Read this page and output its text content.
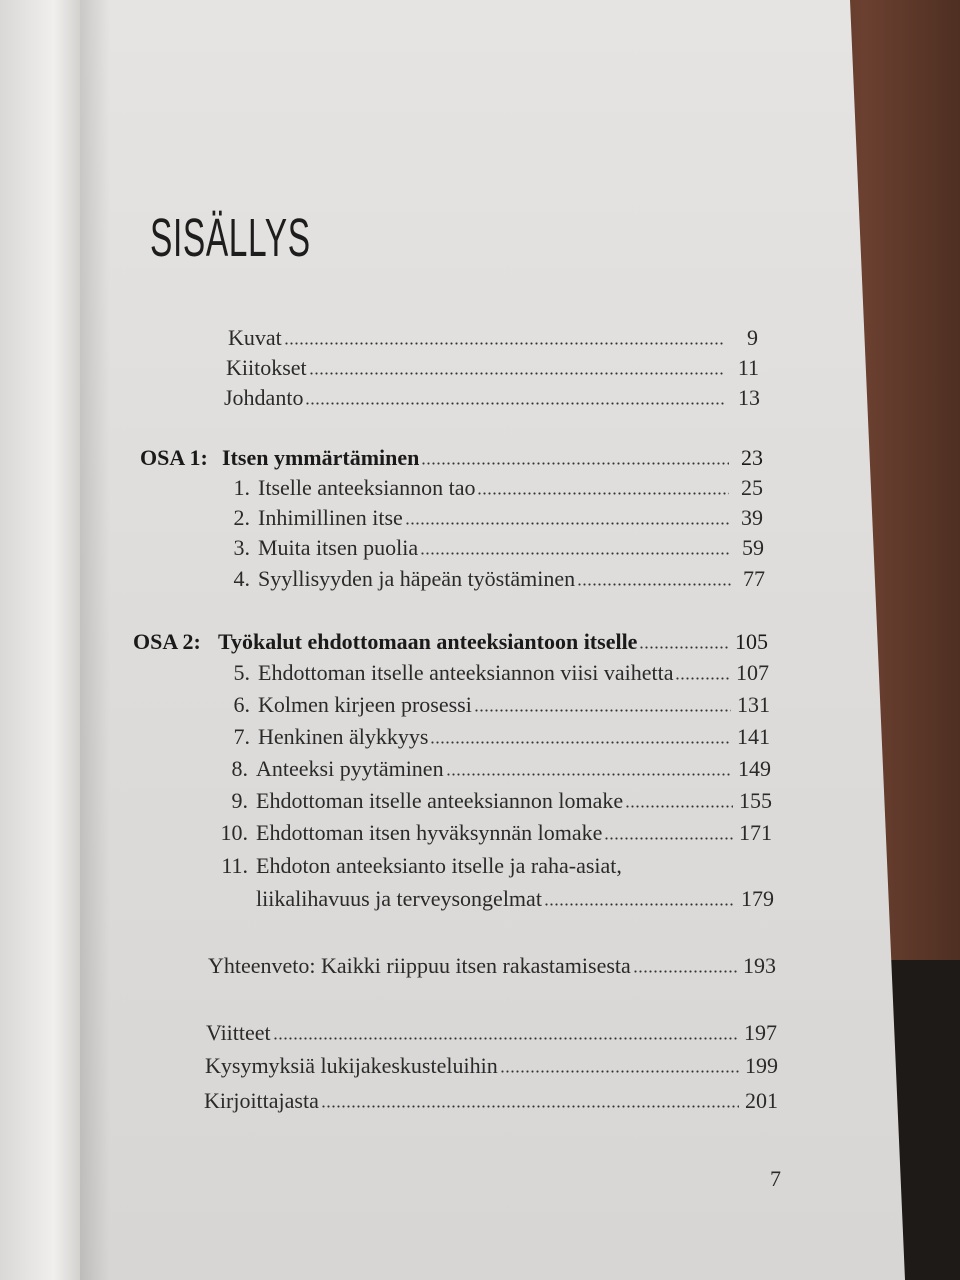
SISÄLLYS
Kuvat	9
Kiitokset	11
Johdanto	13
OSA 1: Itsen ymmärtäminen	23
1. Itselle anteeksiannon tao	25
2. Inhimillinen itse	39
3. Muita itsen puolia	59
4. Syyllisyyden ja häpeän työstäminen	77
OSA 2: Työkalut ehdottomaan anteeksiantoon itselle	105
5. Ehdottoman itselle anteeksiannon viisi vaihetta	107
6. Kolmen kirjeen prosessi	131
7. Henkinen älykkyys	141
8. Anteeksi pyytäminen	149
9. Ehdottoman itselle anteeksiannon lomake	155
10. Ehdottoman itsen hyväksynnän lomake	171
11. Ehdoton anteeksianto itselle ja raha-asiat,
liikalihavuus ja terveysongelmat	179
Yhteenveto: Kaikki riippuu itsen rakastamisesta	193
Viitteet	197
Kysymyksiä lukijakeskusteluihin	199
Kirjoittajasta	201
7
